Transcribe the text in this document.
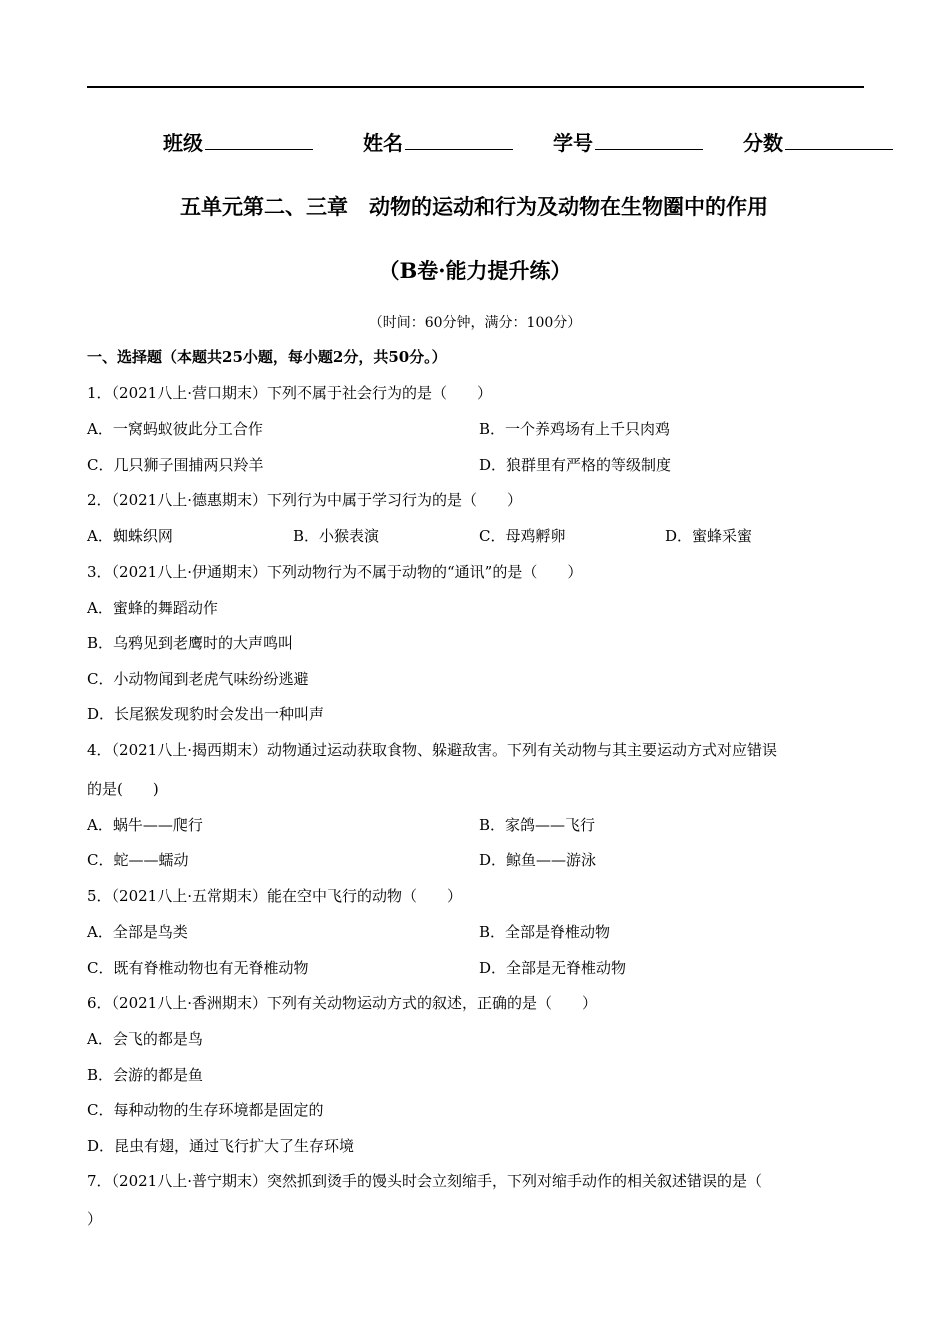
班级	姓名	学号	分数
五单元第二、三章　动物的运动和行为及动物在生物圈中的作用
（B卷·能力提升练）
（时间：60分钟，满分：100分）
一、选择题（本题共25小题，每小题2分，共50分。）
1．（2021八上·营口期末）下列不属于社会行为的是（　　）
A．一窝蚂蚁彼此分工合作	B．一个养鸡场有上千只肉鸡
C．几只狮子围捕两只羚羊	D．狼群里有严格的等级制度
2．（2021八上·德惠期末）下列行为中属于学习行为的是（　　）
A．蜘蛛织网	B．小猴表演	C．母鸡孵卵	D．蜜蜂采蜜
3．（2021八上·伊通期末）下列动物行为不属于动物的“通讯”的是（　　）
A．蜜蜂的舞蹈动作
B．乌鸦见到老鹰时的大声鸣叫
C．小动物闻到老虎气味纷纷逃避
D．长尾猴发现豹时会发出一种叫声
4．（2021八上·揭西期末）动物通过运动获取食物、躲避敌害。下列有关动物与其主要运动方式对应错误
的是(　　)
A．蜗牛——爬行	B．家鸽——飞行
C．蛇——蠕动	D．鲸鱼——游泳
5．（2021八上·五常期末）能在空中飞行的动物（　　）
A．全部是鸟类	B．全部是脊椎动物
C．既有脊椎动物也有无脊椎动物	D．全部是无脊椎动物
6．（2021八上·香洲期末）下列有关动物运动方式的叙述，正确的是（　　）
A．会飞的都是鸟
B．会游的都是鱼
C．每种动物的生存环境都是固定的
D．昆虫有翅，通过飞行扩大了生存环境
7．（2021八上·普宁期末）突然抓到烫手的馒头时会立刻缩手，下列对缩手动作的相关叙述错误的是（
）
